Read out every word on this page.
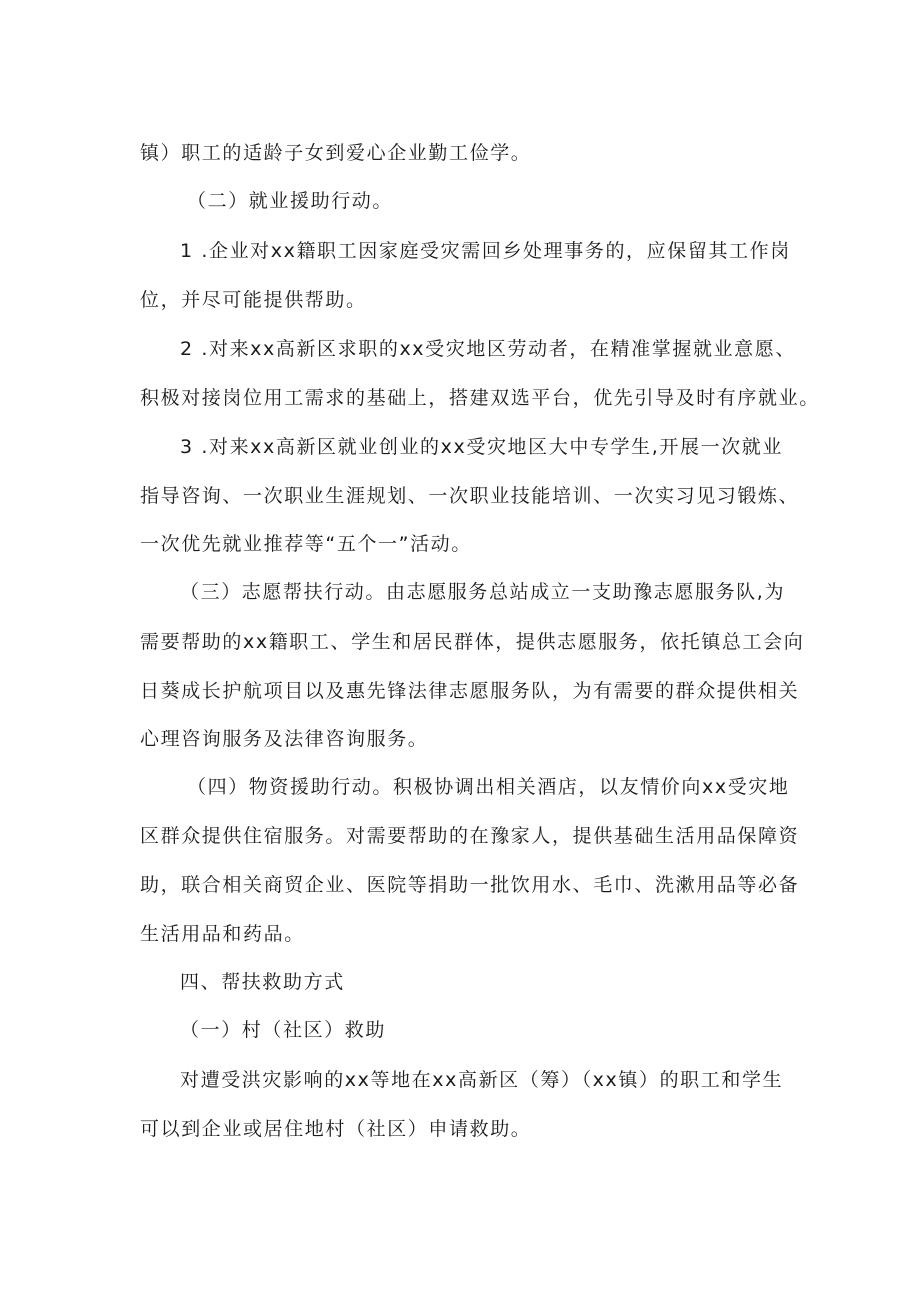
镇）职工的适龄子女到爱心企业勤工俭学。
（二）就业援助行动。
1 .企业对xx籍职工因家庭受灾需回乡处理事务的，应保留其工作岗
位，并尽可能提供帮助。
2 .对来xx高新区求职的xx受灾地区劳动者，在精准掌握就业意愿、
积极对接岗位用工需求的基础上，搭建双选平台，优先引导及时有序就业。
3 .对来xx高新区就业创业的xx受灾地区大中专学生,开展一次就业
指导咨询、一次职业生涯规划、一次职业技能培训、一次实习见习锻炼、
一次优先就业推荐等“五个一”活动。
（三）志愿帮扶行动。由志愿服务总站成立一支助豫志愿服务队,为
需要帮助的xx籍职工、学生和居民群体，提供志愿服务，依托镇总工会向
日葵成长护航项目以及惠先锋法律志愿服务队，为有需要的群众提供相关
心理咨询服务及法律咨询服务。
（四）物资援助行动。积极协调出相关酒店，以友情价向xx受灾地
区群众提供住宿服务。对需要帮助的在豫家人，提供基础生活用品保障资
助，联合相关商贸企业、医院等捐助一批饮用水、毛巾、洗漱用品等必备
生活用品和药品。
四、帮扶救助方式
（一）村（社区）救助
对遭受洪灾影响的xx等地在xx高新区（筹）（xx镇）的职工和学生
可以到企业或居住地村（社区）申请救助。
